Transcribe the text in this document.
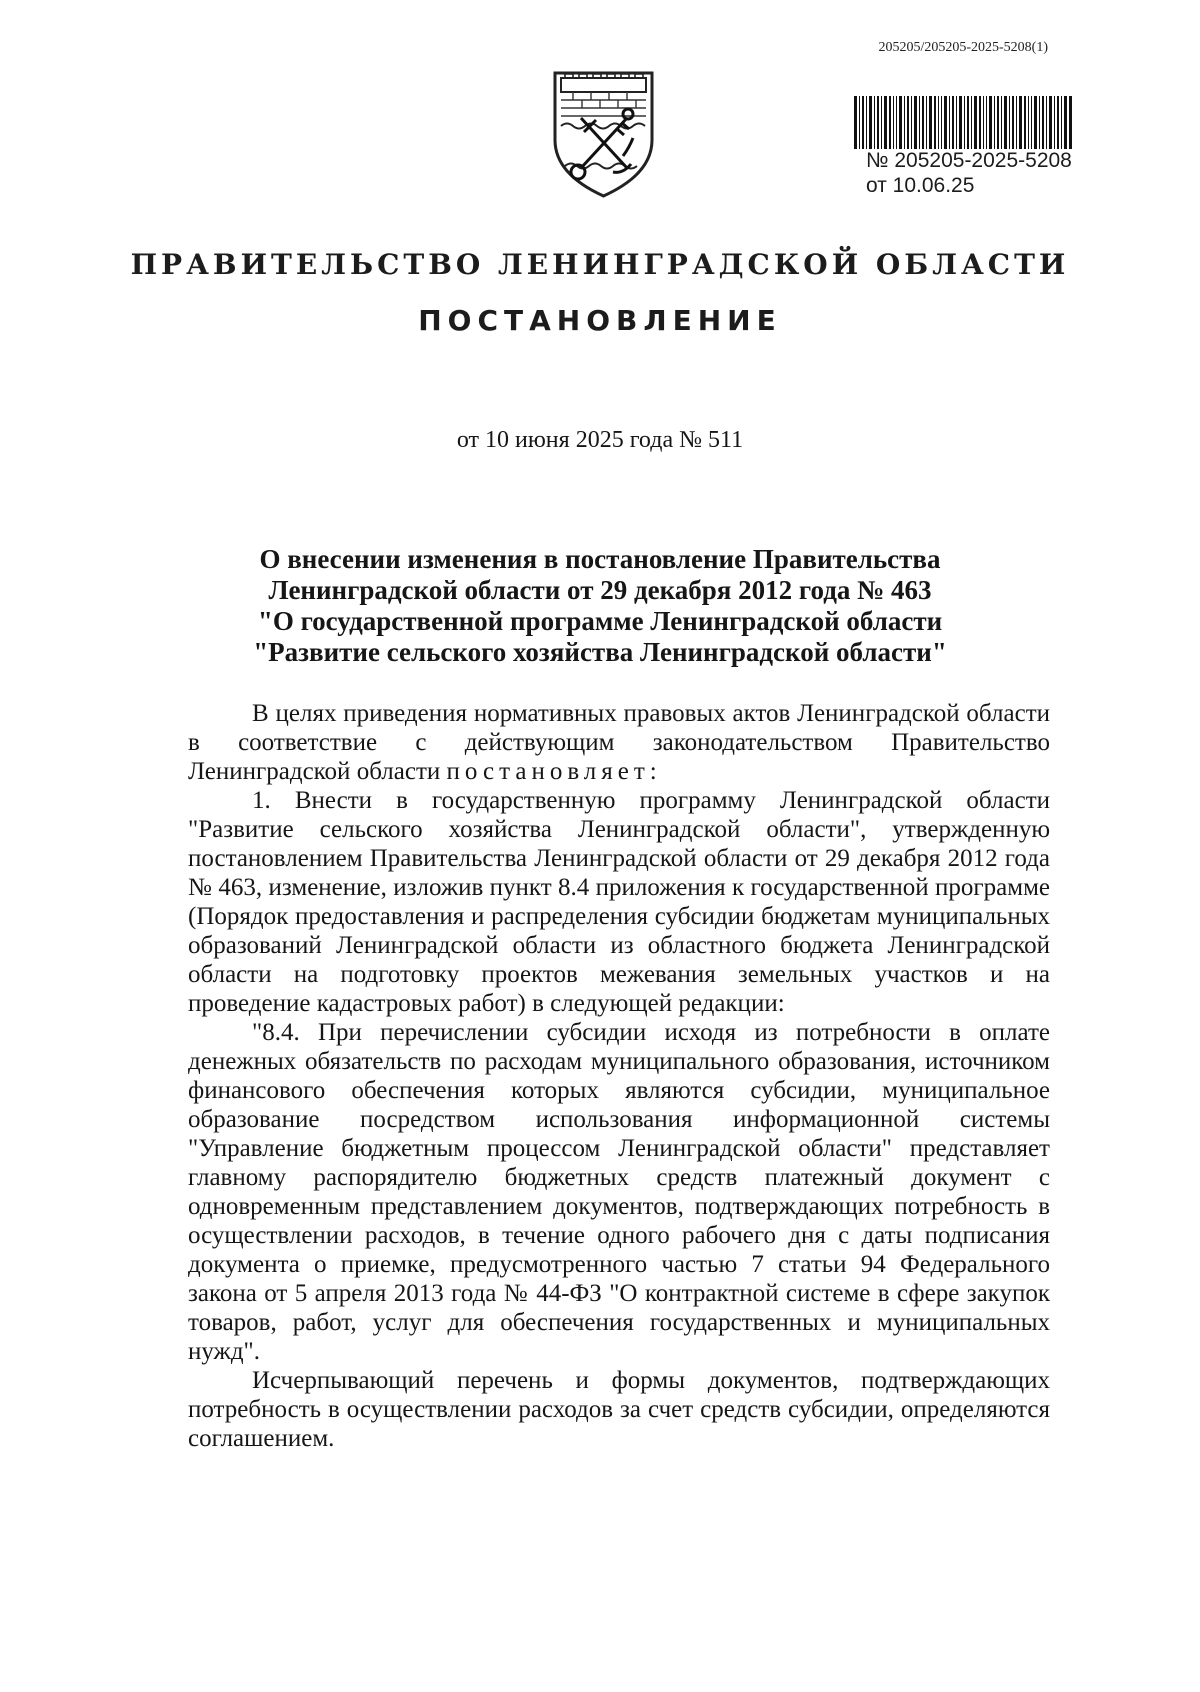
205205/205205-2025-5208(1)
№ 205205-2025-5208
от 10.06.25
ПРАВИТЕЛЬСТВО ЛЕНИНГРАДСКОЙ ОБЛАСТИ
ПОСТАНОВЛЕНИЕ
от 10 июня 2025 года № 511
О внесении изменения в постановление Правительства
Ленинградской области от 29 декабря 2012 года № 463
"О государственной программе Ленинградской области
"Развитие сельского хозяйства Ленинградской области"

В целях приведения нормативных правовых актов Ленинградской области в соответствие с действующим законодательством Правительство Ленинградской области постановляет:

1. Внести в государственную программу Ленинградской области "Развитие сельского хозяйства Ленинградской области", утвержденную постановлением Правительства Ленинградской области от 29 декабря 2012 года № 463, изменение, изложив пункт 8.4 приложения к государственной программе (Порядок предоставления и распределения субсидии бюджетам муниципальных образований Ленинградской области из областного бюджета Ленинградской области на подготовку проектов межевания земельных участков и на проведение кадастровых работ) в следующей редакции:

"8.4. При перечислении субсидии исходя из потребности в оплате денежных обязательств по расходам муниципального образования, источником финансового обеспечения которых являются субсидии, муниципальное образование посредством использования информационной системы "Управление бюджетным процессом Ленинградской области" представляет главному распорядителю бюджетных средств платежный документ с одновременным представлением документов, подтверждающих потребность в осуществлении расходов, в течение одного рабочего дня с даты подписания документа о приемке, предусмотренного частью 7 статьи 94 Федерального закона от 5 апреля 2013 года № 44-ФЗ "О контрактной системе в сфере закупок товаров, работ, услуг для обеспечения государственных и муниципальных нужд".

Исчерпывающий перечень и формы документов, подтверждающих потребность в осуществлении расходов за счет средств субсидии, определяются соглашением.
